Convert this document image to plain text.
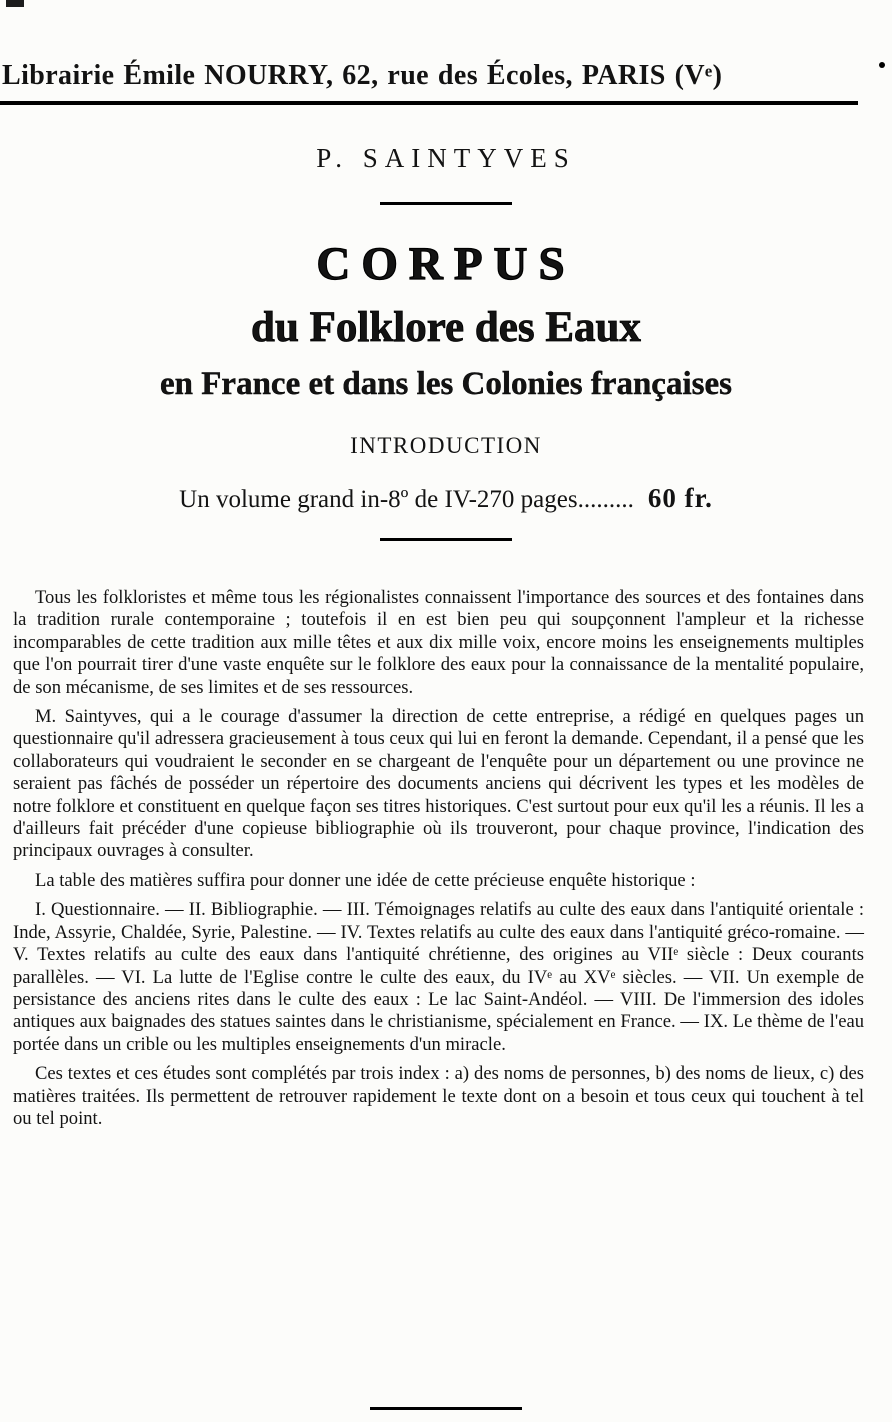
Librairie Émile NOURRY, 62, rue des Écoles, PARIS (Vᵉ)
P. SAINTYVES
CORPUS
du Folklore des Eaux
en France et dans les Colonies françaises
INTRODUCTION
Un volume grand in-8º de IV-270 pages......... 60 fr.

Tous les folkloristes et même tous les régionalistes connaissent l'importance des sources et des fontaines dans la tradition rurale contemporaine ; toutefois il en est bien peu qui soupçonnent l'ampleur et la richesse incomparables de cette tradition aux mille têtes et aux dix mille voix, encore moins les enseignements multiples que l'on pourrait tirer d'une vaste enquête sur le folklore des eaux pour la connaissance de la mentalité populaire, de son mécanisme, de ses limites et de ses ressources.

M. Saintyves, qui a le courage d'assumer la direction de cette entreprise, a rédigé en quelques pages un questionnaire qu'il adressera gracieusement à tous ceux qui lui en feront la demande. Cependant, il a pensé que les collaborateurs qui voudraient le seconder en se chargeant de l'enquête pour un département ou une province ne seraient pas fâchés de posséder un répertoire des documents anciens qui décrivent les types et les modèles de notre folklore et constituent en quelque façon ses titres historiques. C'est surtout pour eux qu'il les a réunis. Il les a d'ailleurs fait précéder d'une copieuse bibliographie où ils trouveront, pour chaque province, l'indication des principaux ouvrages à consulter.

La table des matières suffira pour donner une idée de cette précieuse enquête historique :

I. Questionnaire. — II. Bibliographie. — III. Témoignages relatifs au culte des eaux dans l'antiquité orientale : Inde, Assyrie, Chaldée, Syrie, Palestine. — IV. Textes relatifs au culte des eaux dans l'antiquité gréco-romaine. — V. Textes relatifs au culte des eaux dans l'antiquité chrétienne, des origines au VIIᵉ siècle : Deux courants parallèles. — VI. La lutte de l'Eglise contre le culte des eaux, du IVᵉ au XVᵉ siècles. — VII. Un exemple de persistance des anciens rites dans le culte des eaux : Le lac Saint-Andéol. — VIII. De l'immersion des idoles antiques aux baignades des statues saintes dans le christianisme, spécialement en France. — IX. Le thème de l'eau portée dans un crible ou les multiples enseignements d'un miracle.

Ces textes et ces études sont complétés par trois index : a) des noms de personnes, b) des noms de lieux, c) des matières traitées. Ils permettent de retrouver rapidement le texte dont on a besoin et tous ceux qui touchent à tel ou tel point.
